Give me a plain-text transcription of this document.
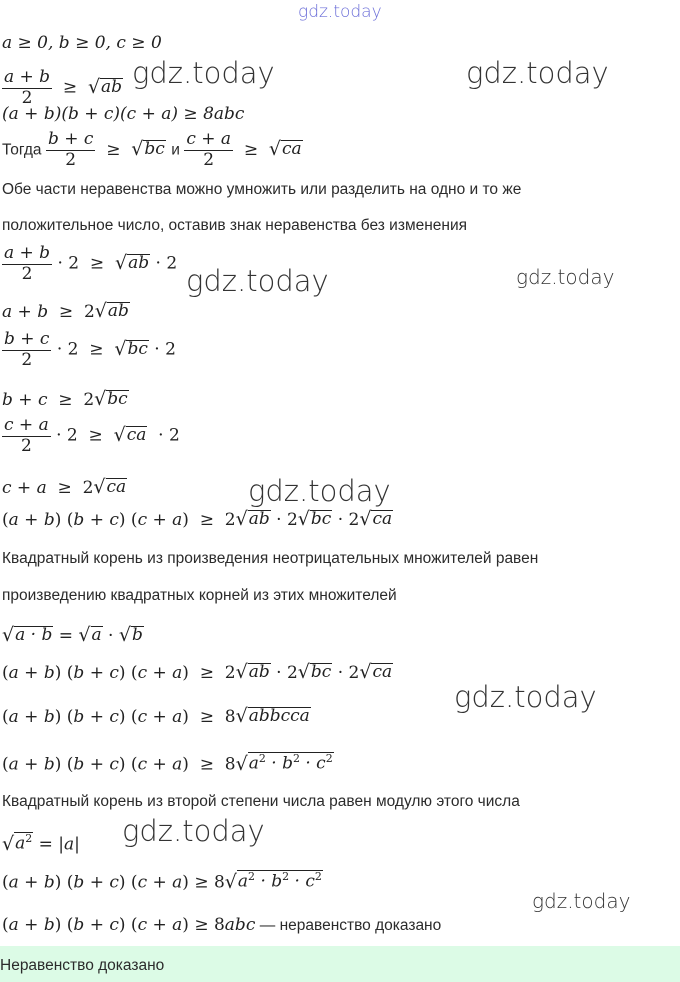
gdz.today
gdz.today	gdz.today
gdz.today	gdz.today
gdz.today
gdz.today
gdz.today
gdz.today
a ≥ 0, b ≥ 0, c ≥ 0
$\frac{a + b}{2}$ ≥ √ ab
(a + b)(b + c)(c + a) ≥ 8abc
Тогда $\frac{b + c}{2}$ ≥ √ bc и $\frac{c + a}{2}$ ≥ √ ca
Обе части неравенства можно умножить или разделить на одно и то же
положительное число, оставив знак неравенства без изменения
$\frac{a + b}{2} \cdot 2$  ≥ √ ab · 2
a + b  ≥  2 √ ab
$\frac{b + c}{2} \cdot 2$  ≥ √ bc · 2
b + c  ≥  2 √ bc
$\frac{c + a}{2} \cdot 2$  ≥ √ ca · 2
c + a  ≥  2 √ ca
(a + b) (b + c) (c + a)  ≥  2 √ ab · 2 √ bc · 2 √ ca
Квадратный корень из произведения неотрицательных множителей равен
произведению квадратных корней из этих множителей
√ a · b = √ a · √ b
(a + b) (b + c) (c + a)  ≥  2 √ ab · 2 √ bc · 2 √ ca
(a + b) (b + c) (c + a)  ≥  8 √ abbcca
(a + b) (b + c) (c + a)  ≥  8 √ $a^2 \cdot b^2 \cdot c^2$
Квадратный корень из второй степени числа равен модулю этого числа
√ $a^2 = |a|$
(a + b) (b + c) (c + a) ≥ 8 √ $a^2 \cdot b^2 \cdot c^2$
(a + b) (b + c) (c + a) ≥ 8abc — неравенство доказано
Неравенство доказано
